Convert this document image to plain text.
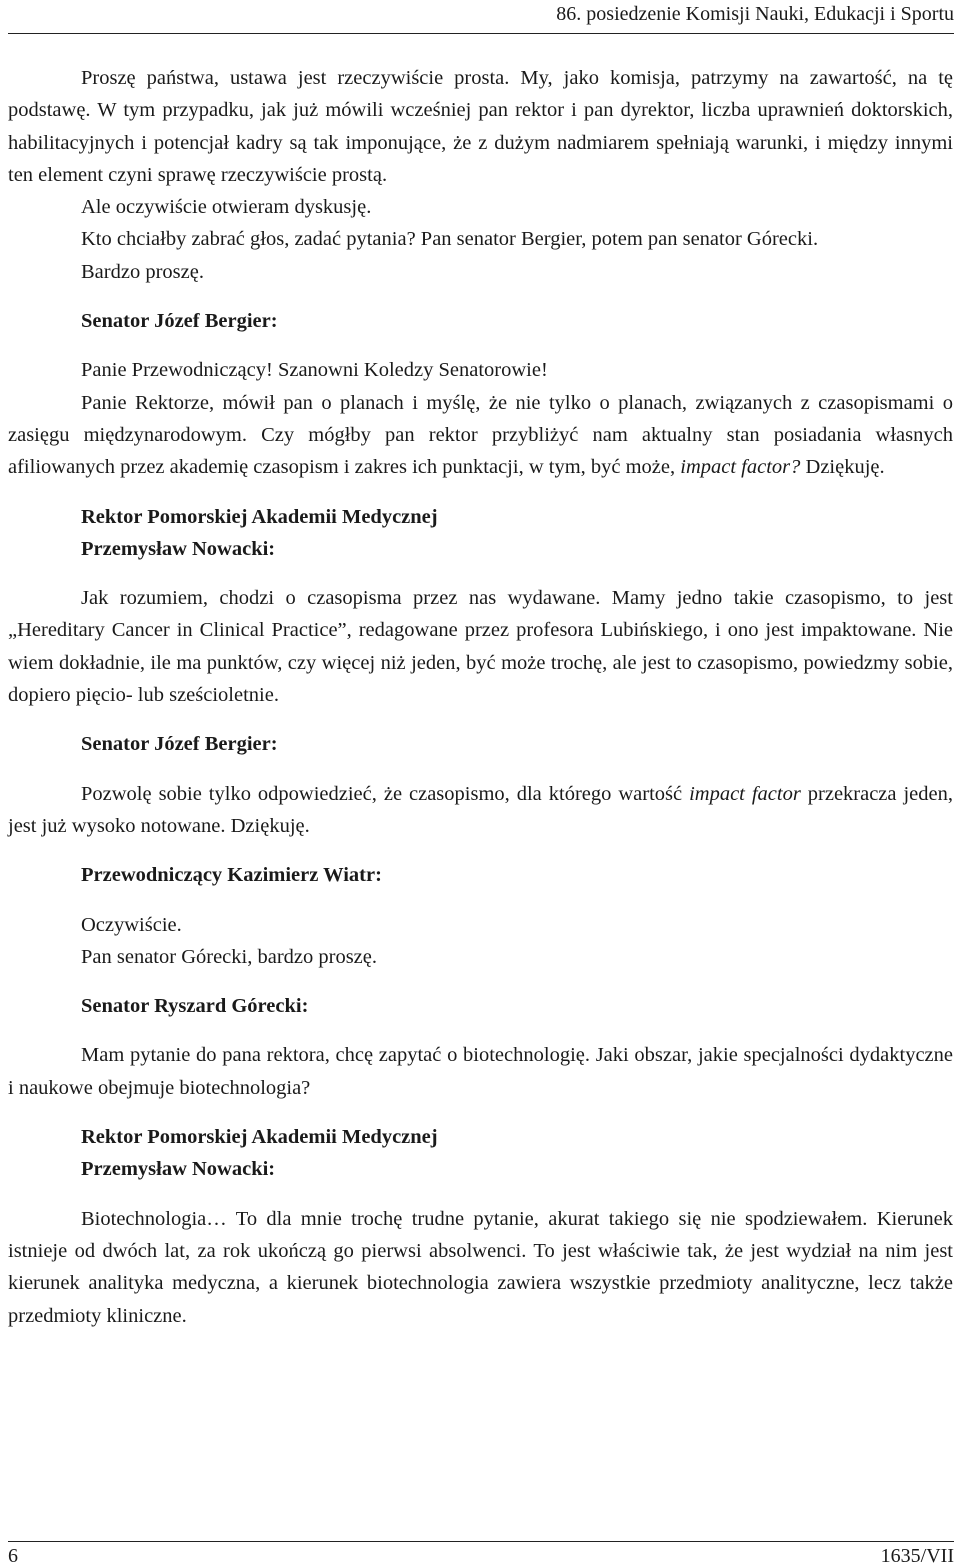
86. posiedzenie Komisji Nauki, Edukacji i Sportu

Proszę państwa, ustawa jest rzeczywiście prosta. My, jako komisja, patrzymy na zawartość, na tę podstawę. W tym przypadku, jak już mówili wcześniej pan rektor i pan dyrektor, liczba uprawnień doktorskich, habilitacyjnych i potencjał kadry są tak imponujące, że z dużym nadmiarem spełniają warunki, i między innymi ten element czyni sprawę rzeczywiście prostą.

Ale oczywiście otwieram dyskusję.

Kto chciałby zabrać głos, zadać pytania? Pan senator Bergier, potem pan senator Górecki.

Bardzo proszę.

Senator Józef Bergier:

Panie Przewodniczący! Szanowni Koledzy Senatorowie!

Panie Rektorze, mówił pan o planach i myślę, że nie tylko o planach, związanych z czasopismami o zasięgu międzynarodowym. Czy mógłby pan rektor przybliżyć nam aktualny stan posiadania własnych afiliowanych przez akademię czasopism i zakres ich punktacji, w tym, być może, impact factor? Dziękuję.

Rektor Pomorskiej Akademii Medycznej

Przemysław Nowacki:

Jak rozumiem, chodzi o czasopisma przez nas wydawane. Mamy jedno takie czasopismo, to jest „Hereditary Cancer in Clinical Practice”, redagowane przez profesora Lubińskiego, i ono jest impaktowane. Nie wiem dokładnie, ile ma punktów, czy więcej niż jeden, być może trochę, ale jest to czasopismo, powiedzmy sobie, dopiero pięcio- lub sześcioletnie.

Senator Józef Bergier:

Pozwolę sobie tylko odpowiedzieć, że czasopismo, dla którego wartość impact factor przekracza jeden, jest już wysoko notowane. Dziękuję.

Przewodniczący Kazimierz Wiatr:

Oczywiście.

Pan senator Górecki, bardzo proszę.

Senator Ryszard Górecki:

Mam pytanie do pana rektora, chcę zapytać o biotechnologię. Jaki obszar, jakie specjalności dydaktyczne i naukowe obejmuje biotechnologia?

Rektor Pomorskiej Akademii Medycznej

Przemysław Nowacki:

Biotechnologia… To dla mnie trochę trudne pytanie, akurat takiego się nie spodziewałem. Kierunek istnieje od dwóch lat, za rok ukończą go pierwsi absolwenci. To jest właściwie tak, że jest wydział na nim jest kierunek analityka medyczna, a kierunek biotechnologia zawiera wszystkie przedmioty analityczne, lecz także przedmioty kliniczne.

6	1635/VII
